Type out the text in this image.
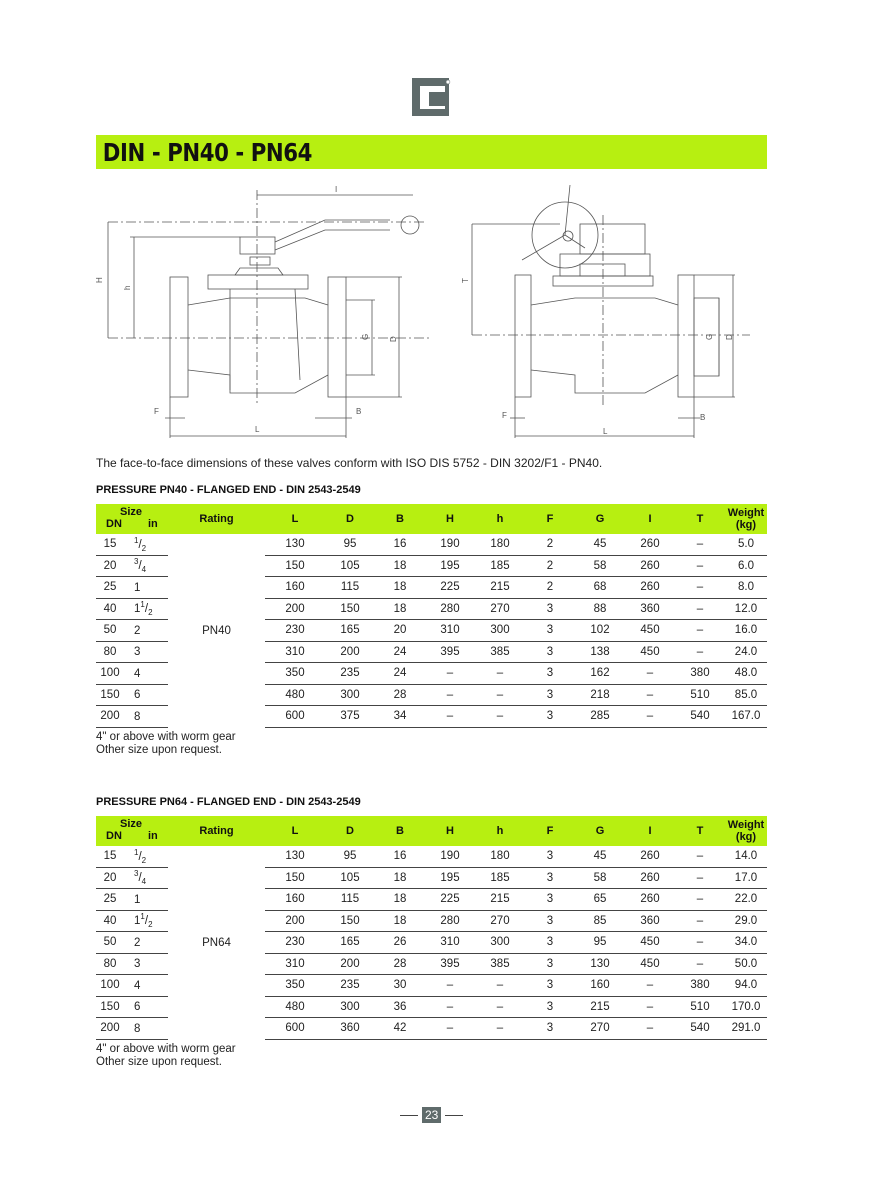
DIN - PN40 - PN64
I
H
h
G D
F	B
L
T
G D
F	B
L
The face-to-face dimensions of these valves conform with ISO DIS 5752 - DIN 3202/F1 - PN40.
PRESSURE PN40 - FLANGED END - DIN 2543-2549
Size
DN in		Rating	L	D	B	H	h	F	G	I	T	Weight
(kg)
15	$^1/_2$	PN40	130	95	16	190	180	2	45	260	–	5.0
20	$^3/_4$		150	105	18	195	185	2	58	260	–	6.0
25	1		160	115	18	225	215	2	68	260	–	8.0
40	$1^1/_2$		200	150	18	280	270	3	88	360	–	12.0
50	2		230	165	20	310	300	3	102	450	–	16.0
80	3		310	200	24	395	385	3	138	450	–	24.0
100	4		350	235	24	–	–	3	162	–	380	48.0
150	6		480	300	28	–	–	3	218	–	510	85.0
200	8		600	375	34	–	–	3	285	–	540	167.0
4" or above with worm gear
Other size upon request.
PRESSURE PN64 - FLANGED END - DIN 2543-2549
Size
DN in		Rating	L	D	B	H	h	F	G	I	T	Weight
(kg)
15	$^1/_2$	PN64	130	95	16	190	180	3	45	260	–	14.0
20	$^3/_4$		150	105	18	195	185	3	58	260	–	17.0
25	1		160	115	18	225	215	3	65	260	–	22.0
40	$1^1/_2$		200	150	18	280	270	3	85	360	–	29.0
50	2		230	165	26	310	300	3	95	450	–	34.0
80	3		310	200	28	395	385	3	130	450	–	50.0
100	4		350	235	30	–	–	3	160	–	380	94.0
150	6		480	300	36	–	–	3	215	–	510	170.0
200	8		600	360	42	–	–	3	270	–	540	291.0
4" or above with worm gear
Other size upon request.
23
